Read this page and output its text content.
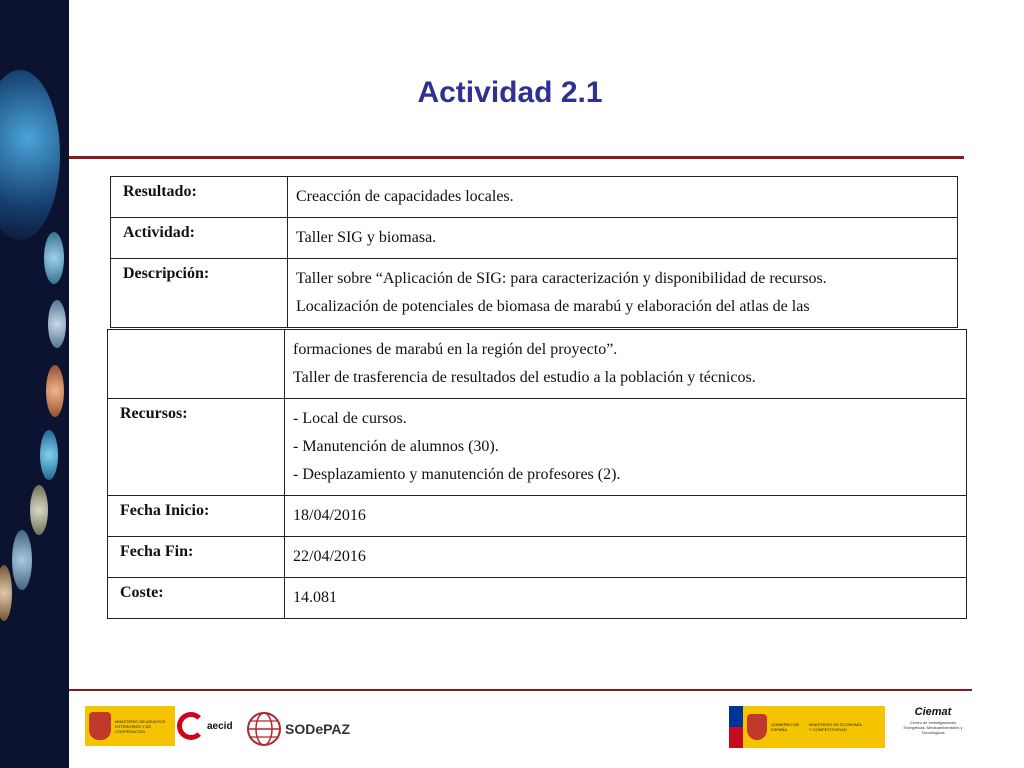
Actividad 2.1
Resultado:	Creacción de capacidades locales.

Actividad:	Taller SIG y biomasa.

Descripción:	Taller sobre “Aplicación de SIG: para caracterización y disponibilidad de recursos.
Localización de potenciales de biomasa de marabú y elaboración del atlas de las

	formaciones de marabú en la región del proyecto”.
Taller de trasferencia de resultados del estudio a la población y técnicos.

Recursos:	- Local de cursos.
- Manutención de alumnos (30).
- Desplazamiento y manutención de profesores (2).

Fecha Inicio:	18/04/2016

Fecha Fin:	22/04/2016

Coste:	14.081
MINISTERIO DE ASUNTOS EXTERIORES Y DE COOPERACIÓN	aecid	SODePAZ	GOBIERNO DE ESPAÑA
MINISTERIO DE ECONOMÍA Y COMPETITIVIDAD
Ciemat
Centro de Investigaciones Energéticas, Medioambientales y Tecnológicas
